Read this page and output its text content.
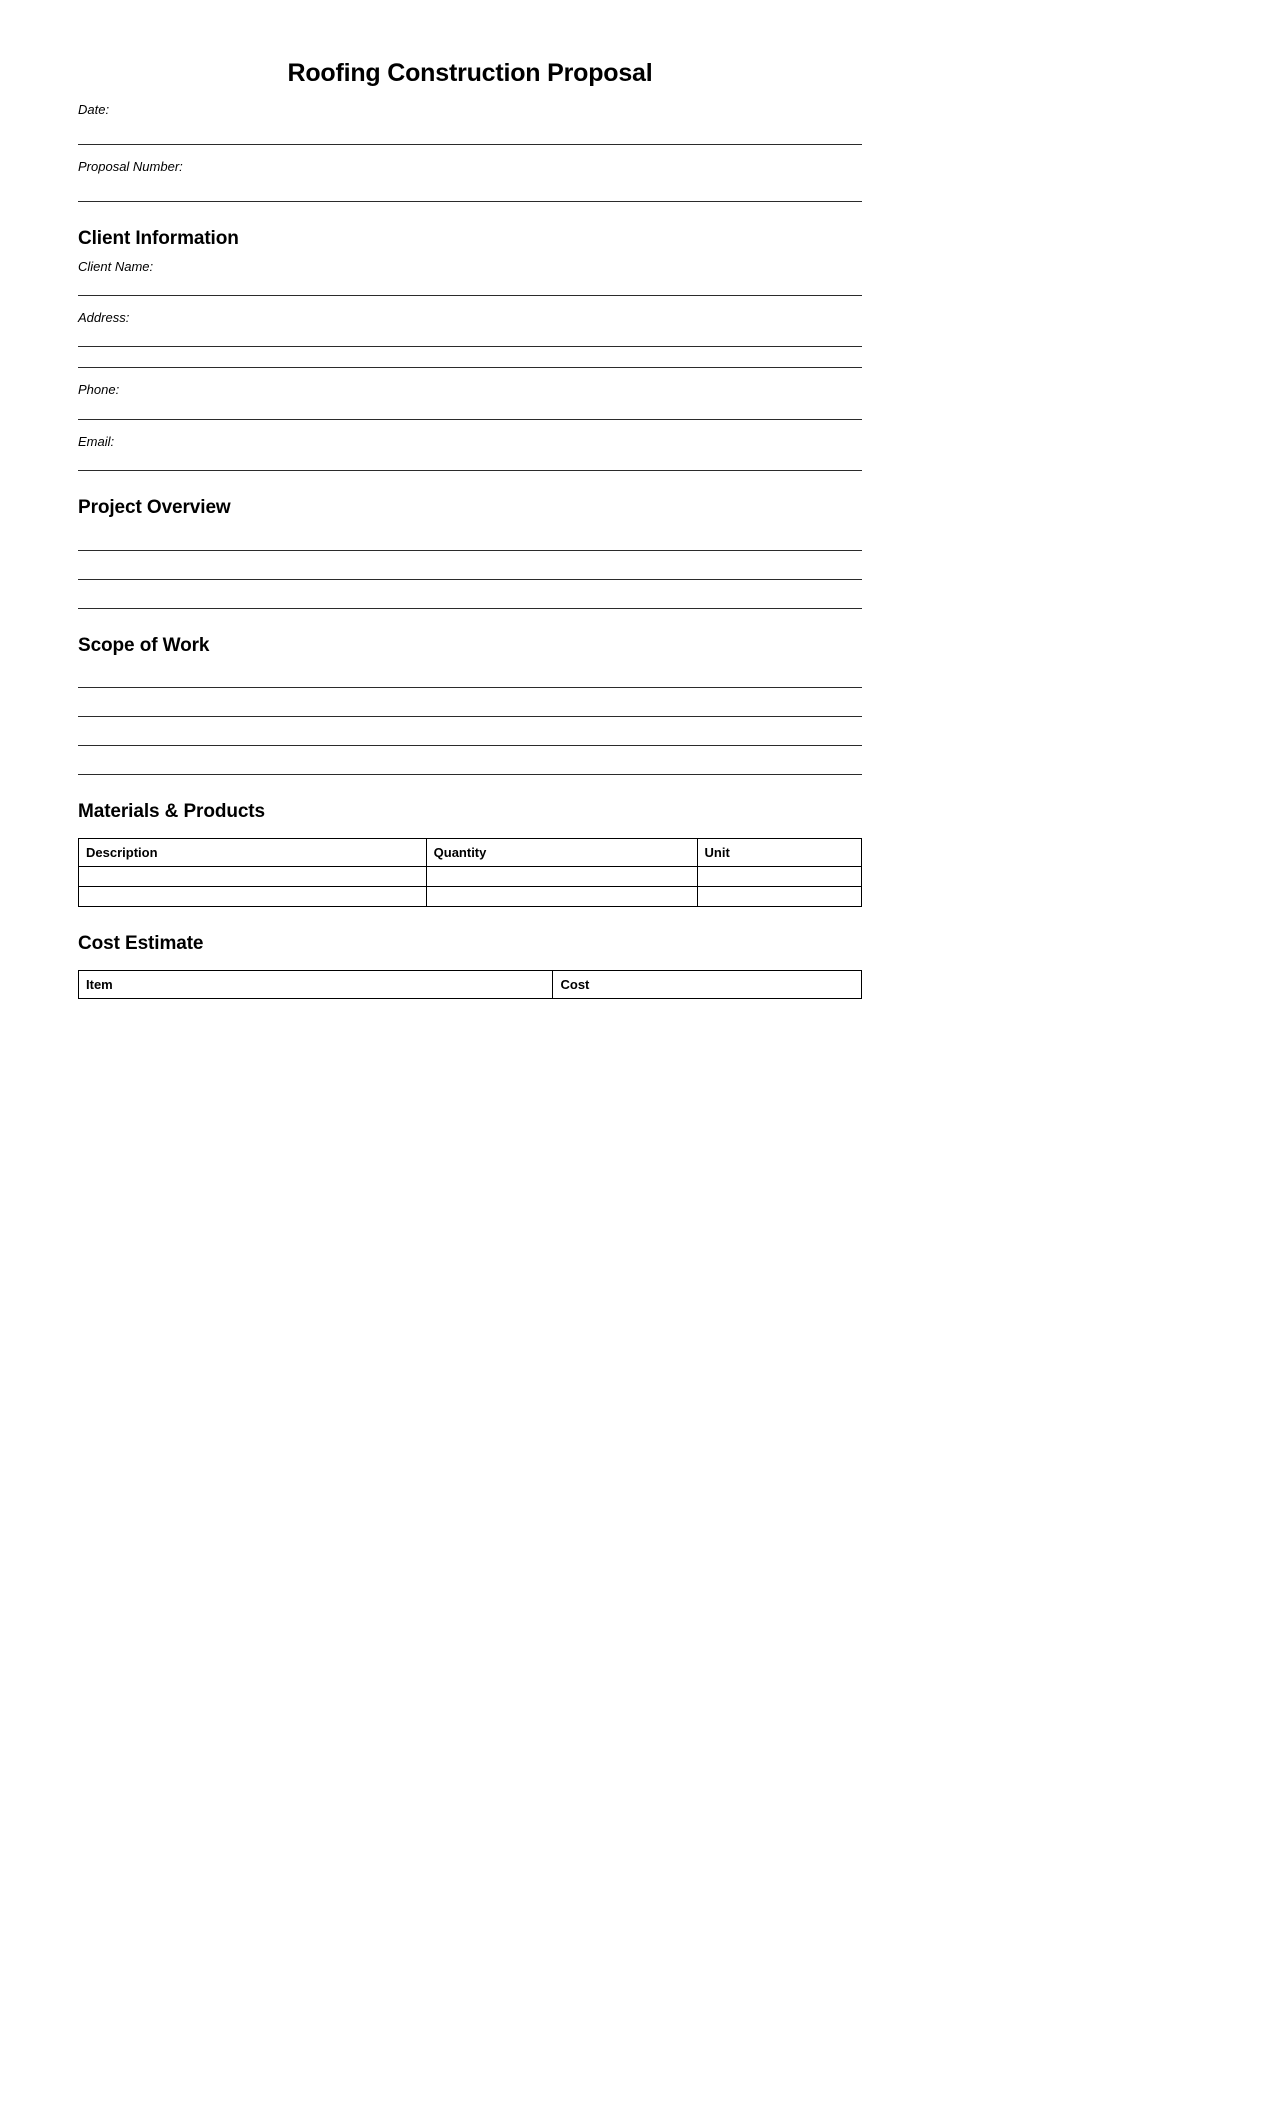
Roofing Construction Proposal
Date:
Proposal Number:
Client Information
Client Name:
Address:
Phone:
Email:
Project Overview
Scope of Work
Materials & Products
Description	Quantity	Unit

Cost Estimate
Item	Cost
